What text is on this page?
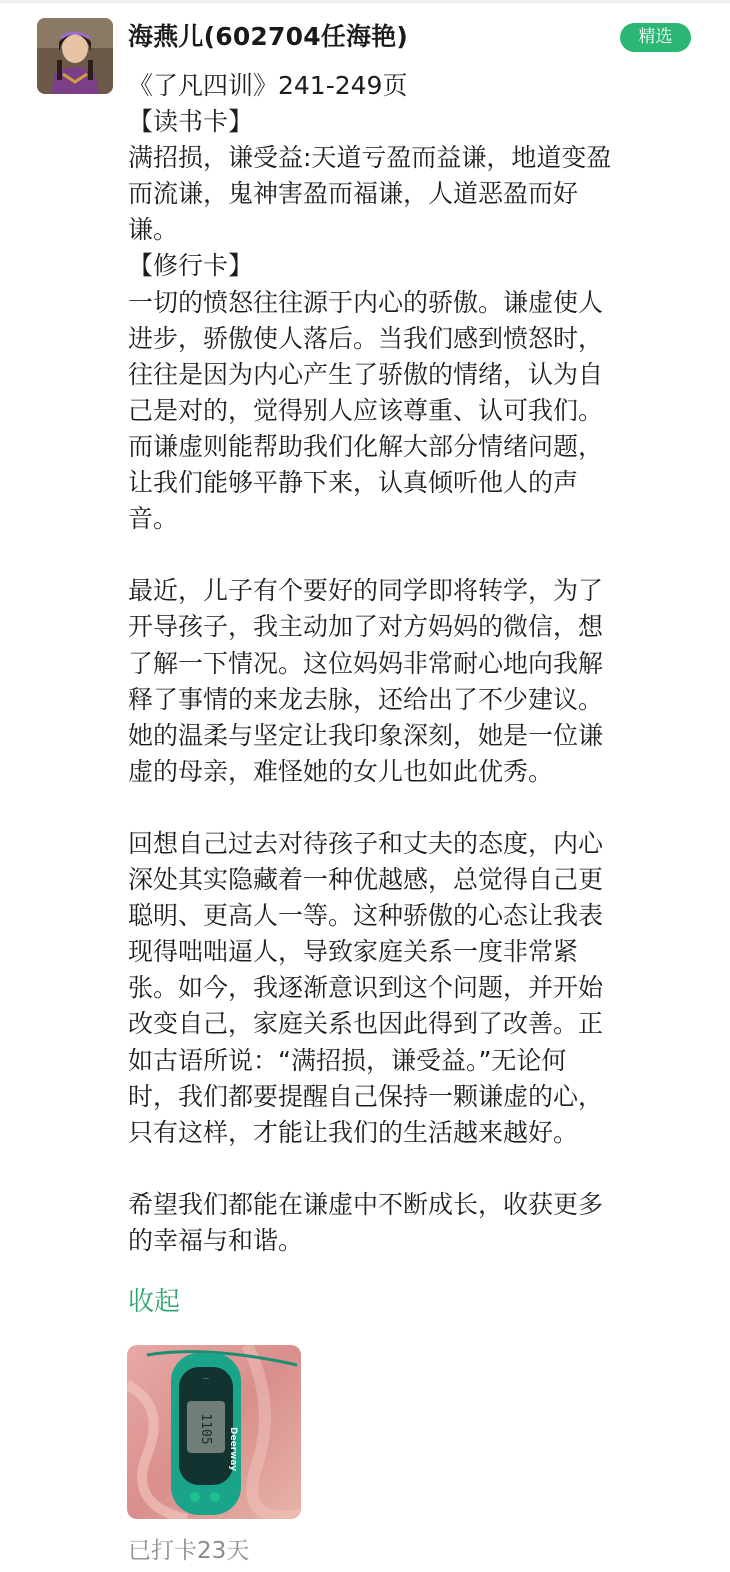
海燕儿(602704任海艳)	精选

《了凡四训》241-249页

【读书卡】

满招损，谦受益:天道亏盈而益谦，地道变盈

而流谦，鬼神害盈而福谦，人道恶盈而好

谦。

【修行卡】

一切的愤怒往往源于内心的骄傲。谦虚使人

进步，骄傲使人落后。当我们感到愤怒时，

往往是因为内心产生了骄傲的情绪，认为自

己是对的，觉得别人应该尊重、认可我们。

而谦虚则能帮助我们化解大部分情绪问题，

让我们能够平静下来，认真倾听他人的声

音。

最近，儿子有个要好的同学即将转学，为了

开导孩子，我主动加了对方妈妈的微信，想

了解一下情况。这位妈妈非常耐心地向我解

释了事情的来龙去脉，还给出了不少建议。

她的温柔与坚定让我印象深刻，她是一位谦

虚的母亲，难怪她的女儿也如此优秀。

回想自己过去对待孩子和丈夫的态度，内心

深处其实隐藏着一种优越感，总觉得自己更

聪明、更高人一等。这种骄傲的心态让我表

现得咄咄逼人，导致家庭关系一度非常紧

张。如今，我逐渐意识到这个问题，并开始

改变自己，家庭关系也因此得到了改善。正

如古语所说：“满招损，谦受益。”无论何

时，我们都要提醒自己保持一颗谦虚的心，

只有这样，才能让我们的生活越来越好。

希望我们都能在谦虚中不断成长，收获更多

的幸福与和谐。

收起
...
1105 Deerway
已打卡23天
